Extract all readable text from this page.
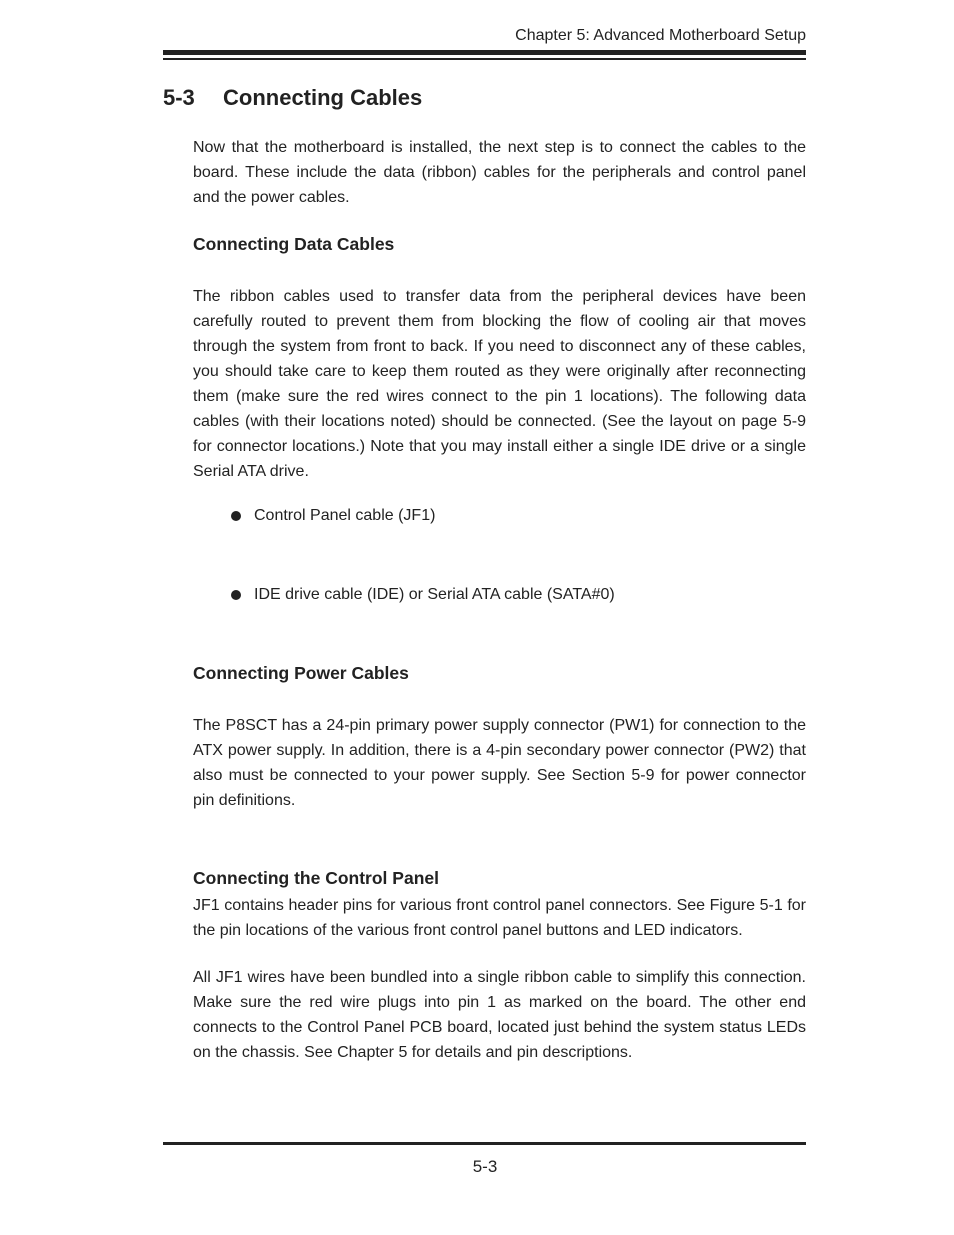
Chapter 5: Advanced Motherboard Setup
5-3 Connecting Cables

Now that the motherboard is installed, the next step is to connect the cables to the board. These include the data (ribbon) cables for the peripherals and control panel and the power cables.

Connecting Data Cables

The ribbon cables used to transfer data from the peripheral devices have been carefully routed to prevent them from blocking the flow of cooling air that moves through the system from front to back. If you need to disconnect any of these cables, you should take care to keep them routed as they were originally after reconnecting them (make sure the red wires connect to the pin 1 locations). The following data cables (with their locations noted) should be connected. (See the layout on page 5-9 for connector locations.) Note that you may install either a single IDE drive or a single Serial ATA drive.

Control Panel cable (JF1)
IDE drive cable (IDE) or Serial ATA cable (SATA#0)
Connecting Power Cables

The P8SCT has a 24-pin primary power supply connector (PW1) for connection to the ATX power supply. In addition, there is a 4-pin secondary power connector (PW2) that also must be connected to your power supply. See Section 5-9 for power connector pin definitions.

Connecting the Control Panel

JF1 contains header pins for various front control panel connectors. See Figure 5-1 for the pin locations of the various front control panel buttons and LED indicators.

All JF1 wires have been bundled into a single ribbon cable to simplify this connection. Make sure the red wire plugs into pin 1 as marked on the board. The other end connects to the Control Panel PCB board, located just behind the system status LEDs on the chassis. See Chapter 5 for details and pin descriptions.

5-3
